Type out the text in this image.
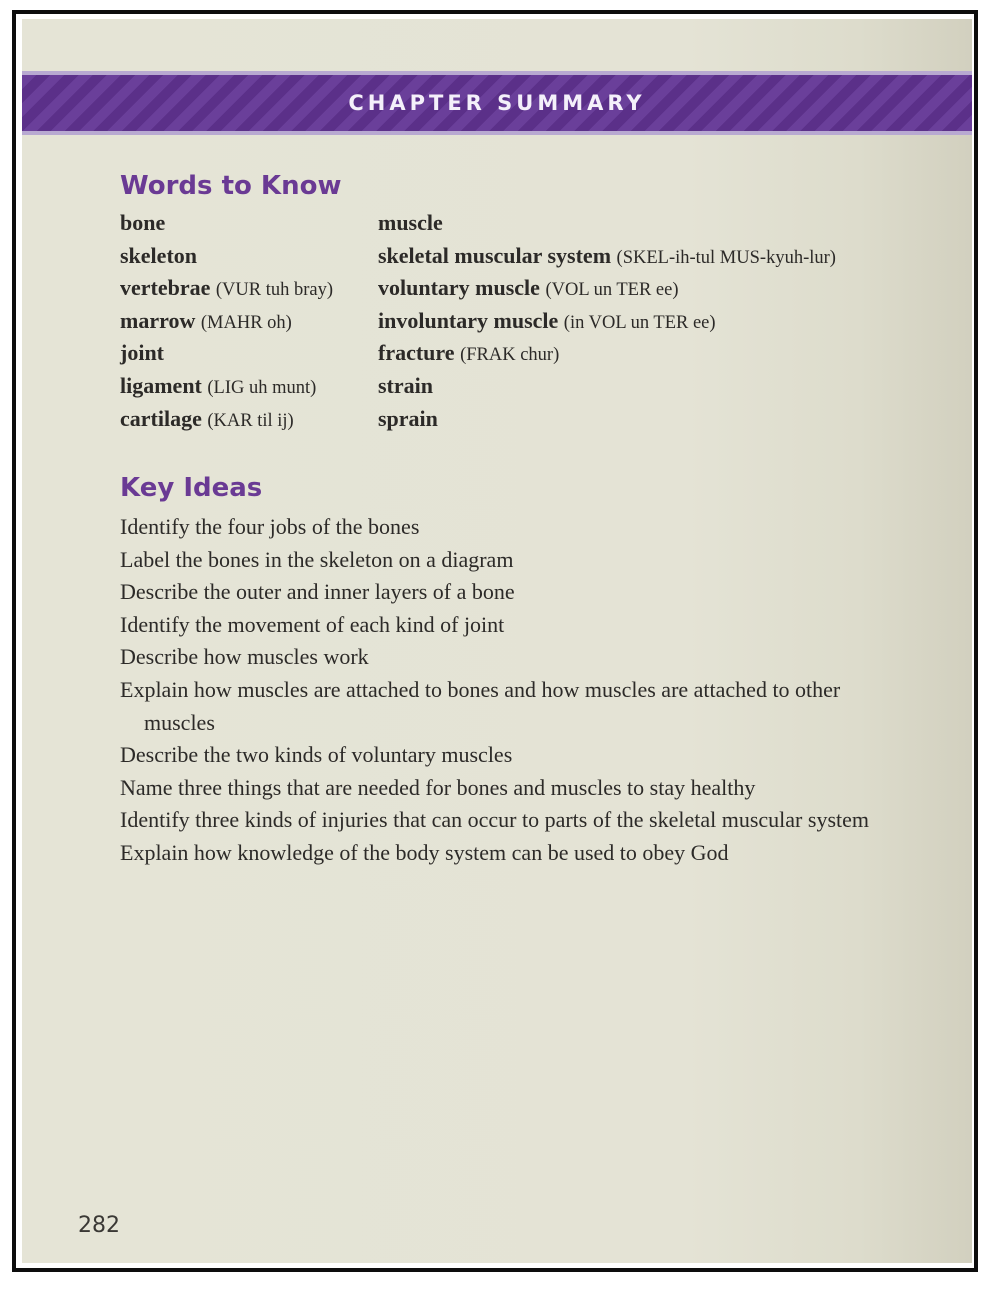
CHAPTER SUMMARY
Words to Know
bone
skeleton
vertebrae (VUR tuh bray)
marrow (MAHR oh)
joint
ligament (LIG uh munt)
cartilage (KAR til ij)
muscle
skeletal muscular system (SKEL-ih-tul MUS-kyuh-lur)
voluntary muscle (VOL un TER ee)
involuntary muscle (in VOL un TER ee)
fracture (FRAK chur)
strain
sprain
Key Ideas
Identify the four jobs of the bones
Label the bones in the skeleton on a diagram
Describe the outer and inner layers of a bone
Identify the movement of each kind of joint
Describe how muscles work
Explain how muscles are attached to bones and how muscles are attached to other muscles
Describe the two kinds of voluntary muscles
Name three things that are needed for bones and muscles to stay healthy
Identify three kinds of injuries that can occur to parts of the skeletal muscular system
Explain how knowledge of the body system can be used to obey God
282
